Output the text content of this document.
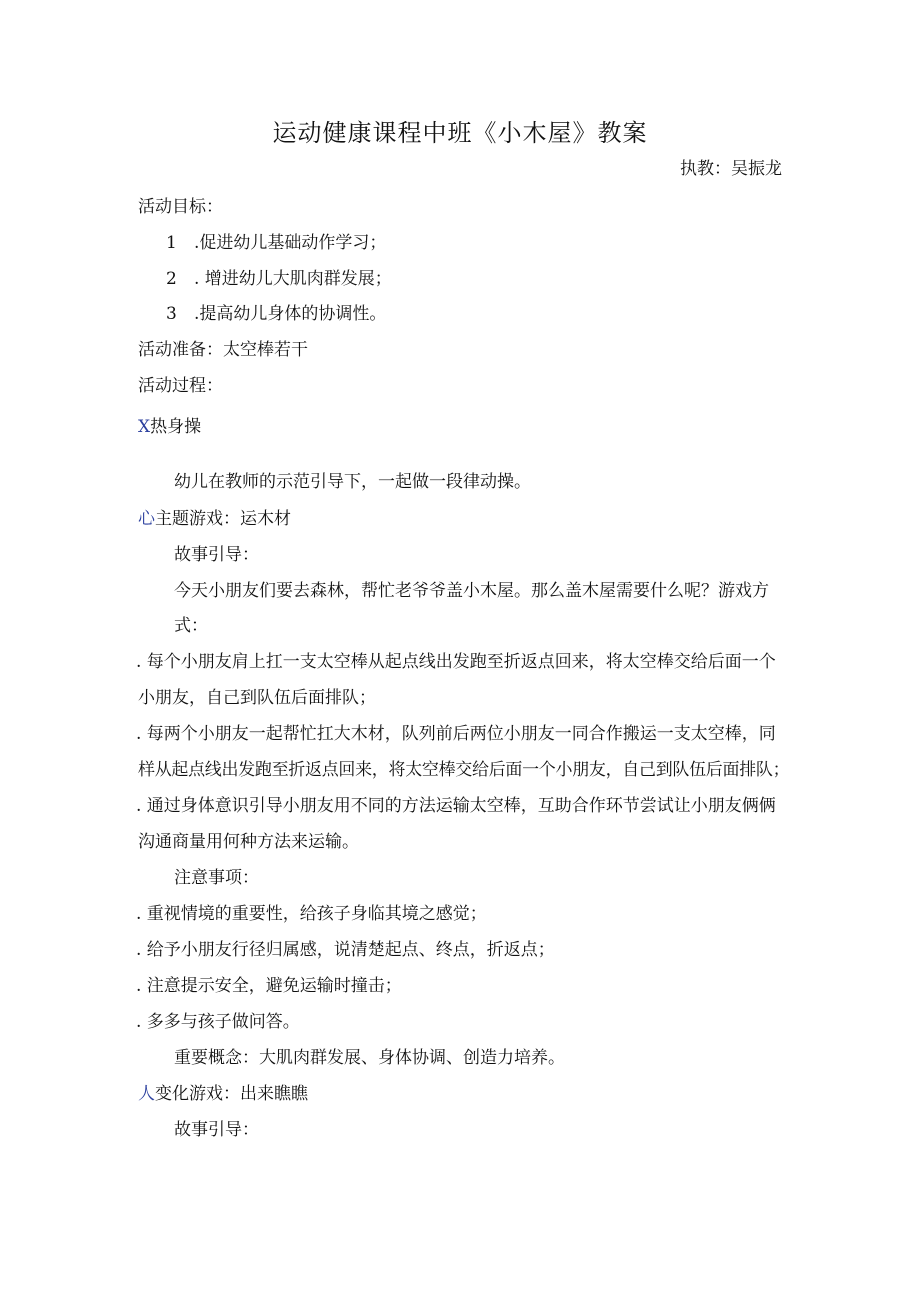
运动健康课程中班《小木屋》教案
执教：吴振龙
活动目标：
1 .促进幼儿基础动作学习；
2 . 增进幼儿大肌肉群发展；
3 .提高幼儿身体的协调性。
活动准备：太空棒若干
活动过程：
X热身操
幼儿在教师的示范引导下，一起做一段律动操。
心主题游戏：运木材
故事引导：
今天小朋友们要去森林，帮忙老爷爷盖小木屋。那么盖木屋需要什么呢？游戏方
式：
. 每个小朋友肩上扛一支太空棒从起点线出发跑至折返点回来，将太空棒交给后面一个
小朋友，自己到队伍后面排队；
. 每两个小朋友一起帮忙扛大木材，队列前后两位小朋友一同合作搬运一支太空棒，同
样从起点线出发跑至折返点回来，将太空棒交给后面一个小朋友，自己到队伍后面排队；
. 通过身体意识引导小朋友用不同的方法运输太空棒，互助合作环节尝试让小朋友俩俩
沟通商量用何种方法来运输。
注意事项：
. 重视情境的重要性，给孩子身临其境之感觉；
. 给予小朋友行径归属感，说清楚起点、终点，折返点；
. 注意提示安全，避免运输时撞击；
. 多多与孩子做问答。
重要概念：大肌肉群发展、身体协调、创造力培养。
人变化游戏：出来瞧瞧
故事引导：
